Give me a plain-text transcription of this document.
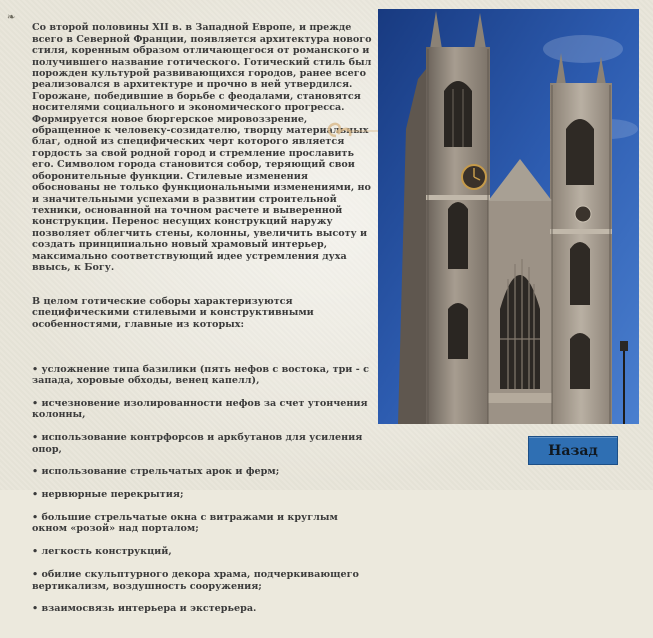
❧

Со второй половины XII в. в Западной Европе, и прежде всего в Северной Франции, появляется архитектура нового стиля, коренным образом отличающегося от романского и получившего название готического. Готический стиль был порожден культурой развивающихся городов, ранее всего реализовался в архитектуре и прочно в ней утвердился. Горожане, победившие в борьбе с феодалами, становятся носителями социального и экономического прогресса. Формируется новое бюргерское мировоззрение, обращенное к человеку-созидателю, творцу материальных благ, одной из специфических черт которого является гордость за свой родной город и стремление прославить его. Символом города становится собор, теряющий свои оборонительные функции. Стилевые изменения обоснованы не только функциональными изменениями, но и значительными успехами в развитии строительной техники, основанной на точном расчете и выверенной конструкции. Перенос несущих конструкций наружу позволяет облегчить стены, колонны, увеличить высоту и создать принципиально новый храмовый интерьер, максимально соответствующий идее устремления духа ввысь, к Богу.

В целом готические соборы характеризуются специфическими стилевыми и конструктивными особенностями, главные из которых:

• усложнение типа базилики (пять нефов с востока, три - с запада, хоровые обходы, венец капелл),

• исчезновение изолированности нефов за счет утончения колонны,

• использование контрфорсов и аркбутанов для усиления опор,

• использование стрельчатых арок и ферм;

• нервюрные перекрытия;

• большие стрельчатые окна с витражами и круглым окном «розой» над порталом;

• легкость конструкций,

• обилие скульптурного декора храма, подчеркивающего вертикализм, воздушность сооружения;

• взаимосвязь интерьера и экстерьера.

Назад
